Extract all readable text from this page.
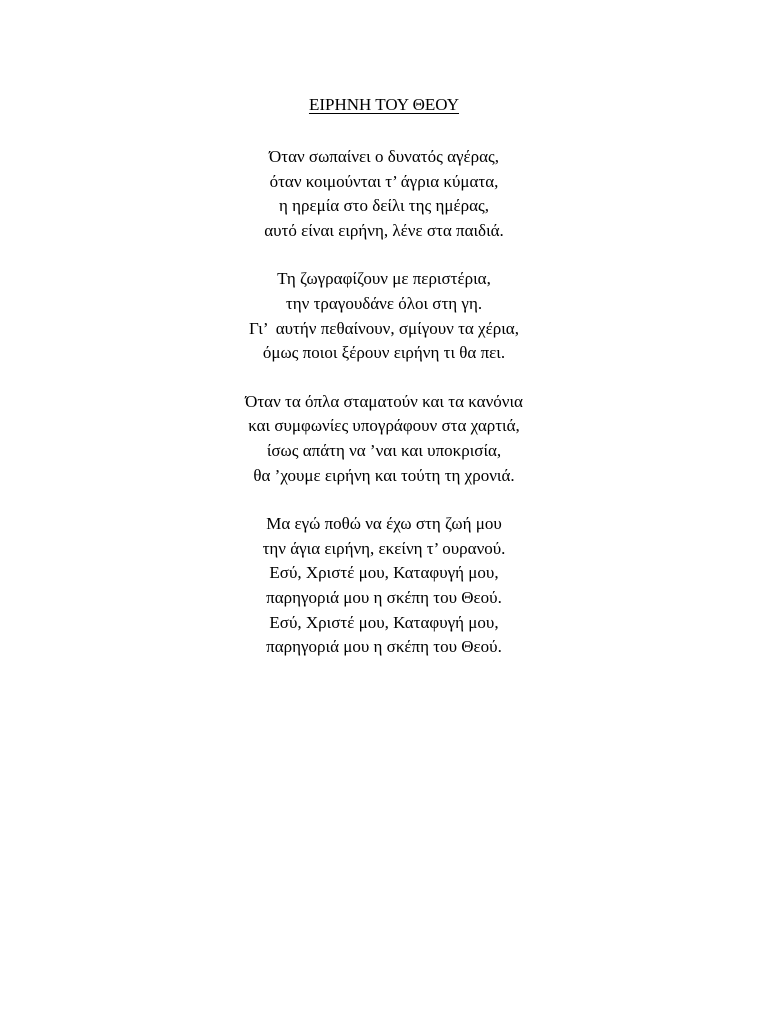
ΕΙΡΗΝΗ ΤΟΥ ΘΕΟΥ
Όταν σωπαίνει ο δυνατός αγέρας,
όταν κοιμούνται τ’ άγρια κύματα,
η ηρεμία στο δείλι της ημέρας,
αυτό είναι ειρήνη, λένε στα παιδιά.
Τη ζωγραφίζουν με περιστέρια,
την τραγουδάνε όλοι στη γη.
Γι’  αυτήν πεθαίνουν, σμίγουν τα χέρια,
όμως ποιοι ξέρουν ειρήνη τι θα πει.
Όταν τα όπλα σταματούν και τα κανόνια
και συμφωνίες υπογράφουν στα χαρτιά,
ίσως απάτη να ’ναι και υποκρισία,
θα ’χουμε ειρήνη και τούτη τη χρονιά.
Μα εγώ ποθώ να έχω στη ζωή μου
την άγια ειρήνη, εκείνη τ’ ουρανού.
Εσύ, Χριστέ μου, Καταφυγή μου,
παρηγοριά μου η σκέπη του Θεού.
Εσύ, Χριστέ μου, Καταφυγή μου,
παρηγοριά μου η σκέπη του Θεού.
